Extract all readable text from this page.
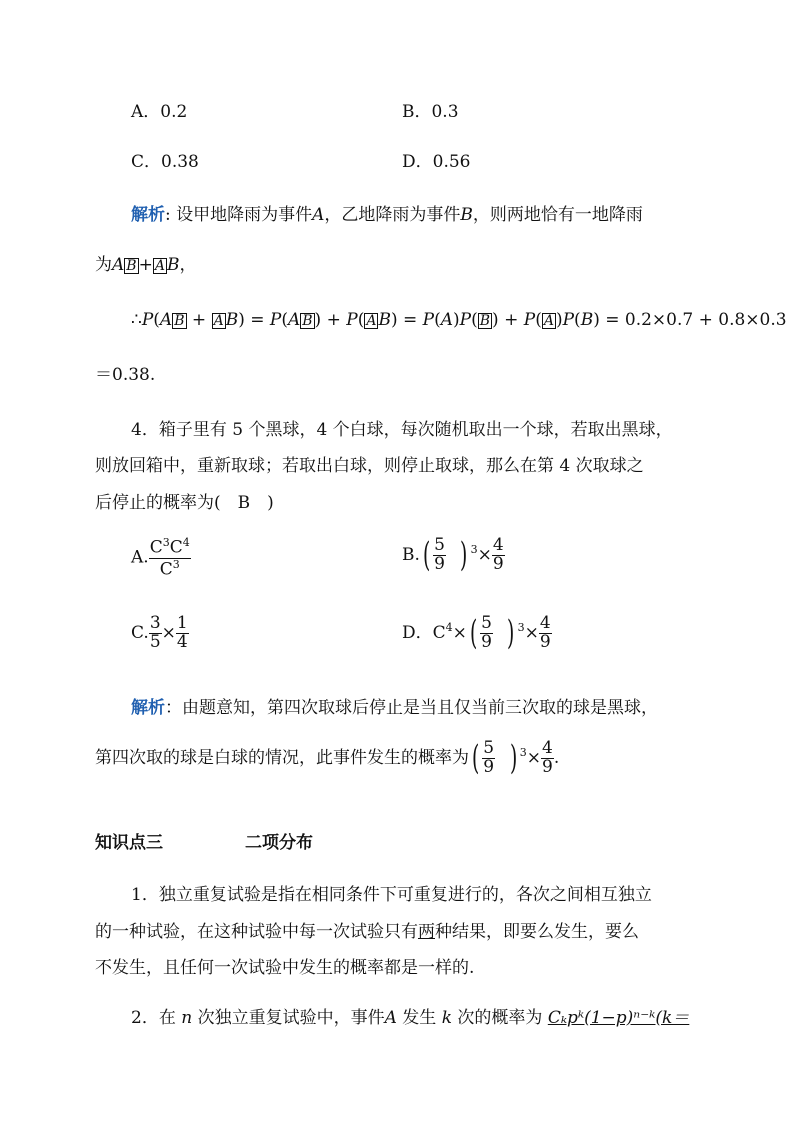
A．0.2	B．0.3
C．0.38	D．0.56
解析: 设甲地降雨为事件A，乙地降雨为事件B，则两地恰有一地降雨
为A B + A B，
∴P(A B + A B) = P(A B ) + P( A B) = P(A)P( B ) + P( A )P(B) = 0.2×0.7 + 0.8×0.3
＝0.38.
4．箱子里有 5 个黑球，4 个白球，每次随机取出一个球，若取出黑球，
则放回箱中，重新取球；若取出白球，则停止取球，那么在第 4 次取球之
后停止的概率为(　B　)
A. $\frac{C^3C^4}{C^3}$	$B.( \frac{5}{9}$ ) $^3\times \frac{4}{9}$
C. $\frac{3}{5} \times \frac{1}{4}$	D．$C^4\times( \frac{5}{9}$ ) $^3\times \frac{4}{9}$
解析：由题意知，第四次取球后停止是当且仅当前三次取的球是黑球，
第四次取的球是白球的情况，此事件发生的概率为( $\frac{5}{9}$ ) $^3\times \frac{4}{9}$ .
知识点三	二项分布
1．独立重复试验是指在相同条件下可重复进行的，各次之间相互独立
的一种试验，在这种试验中每一次试验只有两种结果，即要么发生，要么
不发生，且任何一次试验中发生的概率都是一样的.
2．在 n 次独立重复试验中，事件A 发生 k 次的概率为 Cₖpᵏ(1−p)ⁿ⁻ᵏ(k＝
